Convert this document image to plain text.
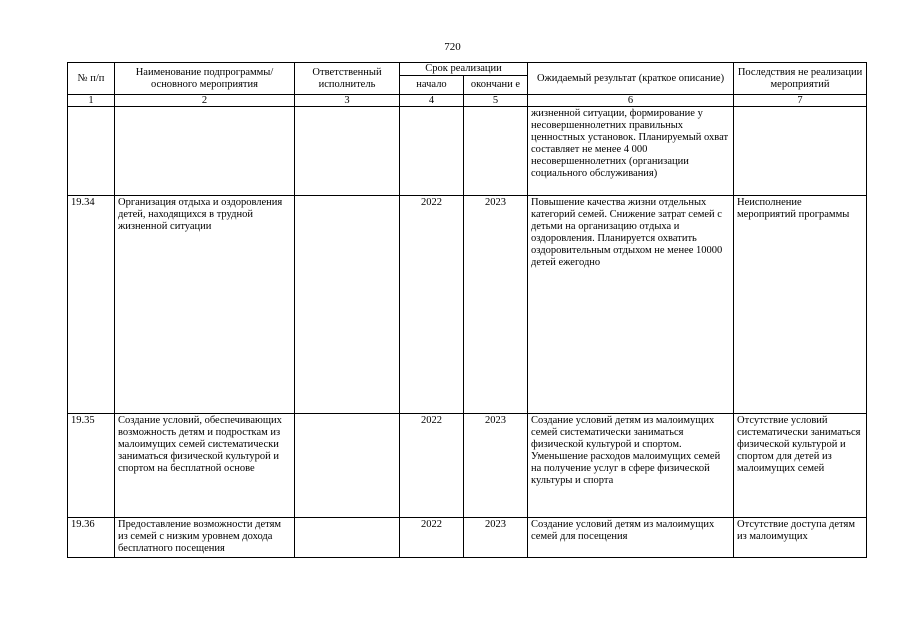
720
№ п/п	Наименование подпрограммы/ основного мероприятия	Ответственный исполнитель	Срок реализации		Ожидаемый результат (краткое описание)	Последствия не реализации мероприятий
			начало	окончани е		
1	2	3	4	5	6	7
					жизненной ситуации, формирование у несовершеннолетних правильных ценностных установок. Планируемый охват составляет не менее 4 000 несовершеннолетних (организации социального обслуживания)	
19.34	Организация отдыха и оздоровления детей, находящихся в трудной жизненной ситуации		2022	2023	Повышение качества жизни отдельных категорий семей. Снижение затрат семей с детьми на организацию отдыха и оздоровления. Планируется охватить оздоровительным отдыхом не менее 10000 детей ежегодно	Неисполнение мероприятий программы
19.35	Создание условий, обеспечивающих возможность детям и подросткам из малоимущих семей систематически заниматься физической культурой и спортом на бесплатной основе		2022	2023	Создание условий детям из малоимущих семей систематически заниматься физической культурой и спортом. Уменьшение расходов малоимущих семей на получение услуг в сфере физической культуры и спорта	Отсутствие условий систематически заниматься физической культурой и спортом для детей из малоимущих семей
19.36	Предоставление возможности детям из семей с низким уровнем дохода бесплатного посещения		2022	2023	Создание условий детям из малоимущих семей для посещения	Отсутствие доступа детям из малоимущих
